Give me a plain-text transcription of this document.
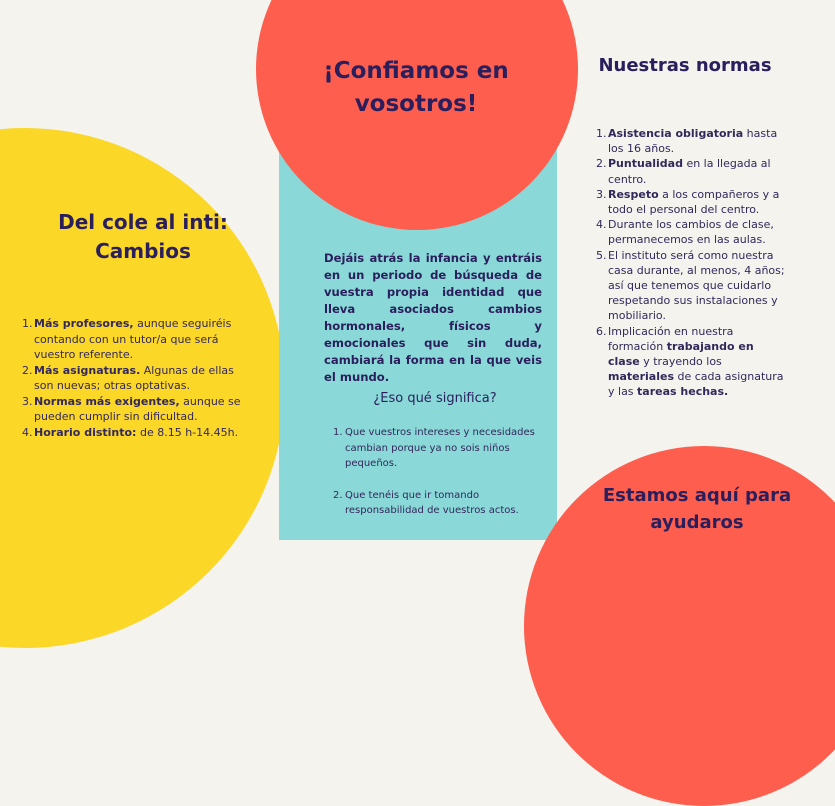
¡Confiamos en vosotros!
Nuestras normas
Del cole al inti: Cambios
Estamos aquí para ayudaros
Dejáis atrás la infancia y entráis en un periodo de búsqueda de vuestra propia identidad que lleva asociados cambios hormonales, físicos y emocionales que sin duda, cambiará la forma en la que veis el mundo.
¿Eso qué significa?
1. Más profesores, aunque seguiréis contando con un tutor/a que será vuestro referente.
2. Más asignaturas. Algunas de ellas son nuevas; otras optativas.
3. Normas más exigentes, aunque se pueden cumplir sin dificultad.
4. Horario distinto: de 8.15 h-14.45h.
1. Asistencia obligatoria hasta los 16 años.
2. Puntualidad en la llegada al centro.
3. Respeto a los compañeros y a todo el personal del centro.
4. Durante los cambios de clase, permanecemos en las aulas.
5. El instituto será como nuestra casa durante, al menos, 4 años; así que tenemos que cuidarlo respetando sus instalaciones y mobiliario.
6. Implicación en nuestra formación trabajando en clase y trayendo los materiales de cada asignatura y las tareas hechas.
1. Que vuestros intereses y necesidades cambian porque ya no sois niños pequeños.
2. Que tenéis que ir tomando responsabilidad de vuestros actos.
